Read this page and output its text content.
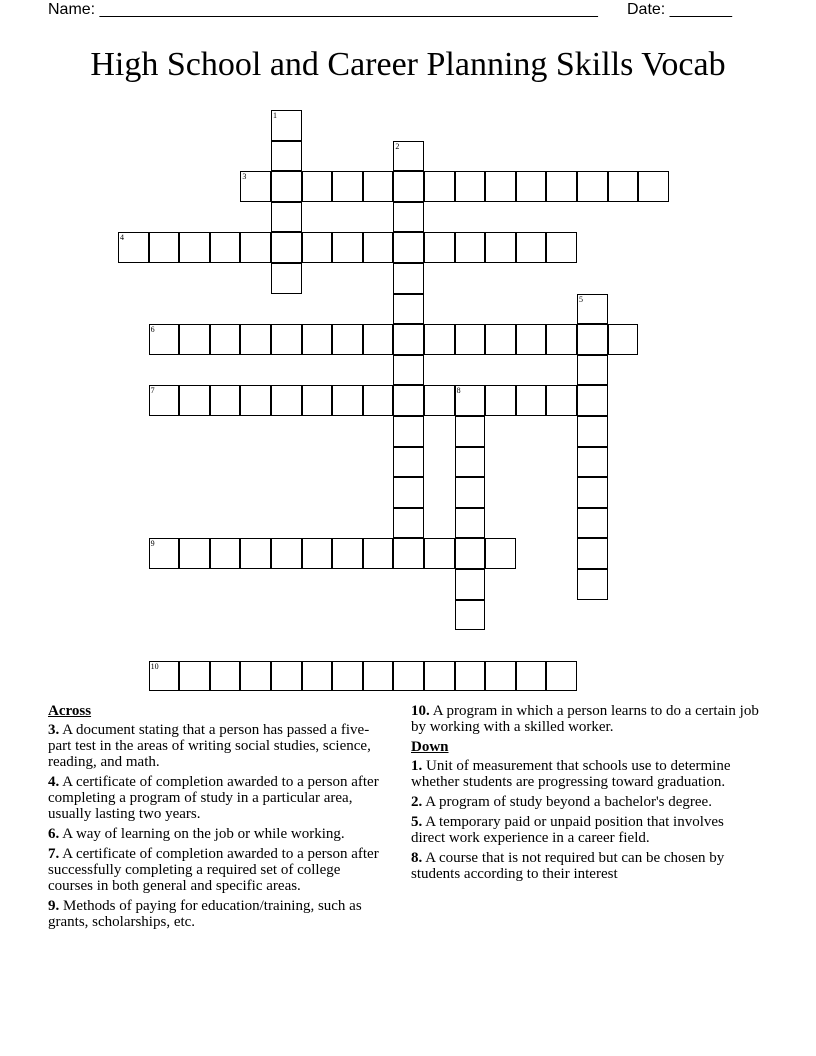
Name: ________________________________________________________ Date: _______
High School and Career Planning Skills Vocab
1
2
3
4
5
6
7	8
9
10
Across
3. A document stating that a person has passed a five-part test in the areas of writing social studies, science, reading, and math.
4. A certificate of completion awarded to a person after completing a program of study in a particular area, usually lasting two years.
6. A way of learning on the job or while working.
7. A certificate of completion awarded to a person after successfully completing a required set of college courses in both general and specific areas.
9. Methods of paying for education/training, such as grants, scholarships, etc.
10. A program in which a person learns to do a certain job by working with a skilled worker.
Down
1. Unit of measurement that schools use to determine whether students are progressing toward graduation.
2. A program of study beyond a bachelor's degree.
5. A temporary paid or unpaid position that involves direct work experience in a career field.
8. A course that is not required but can be chosen by students according to their interest
